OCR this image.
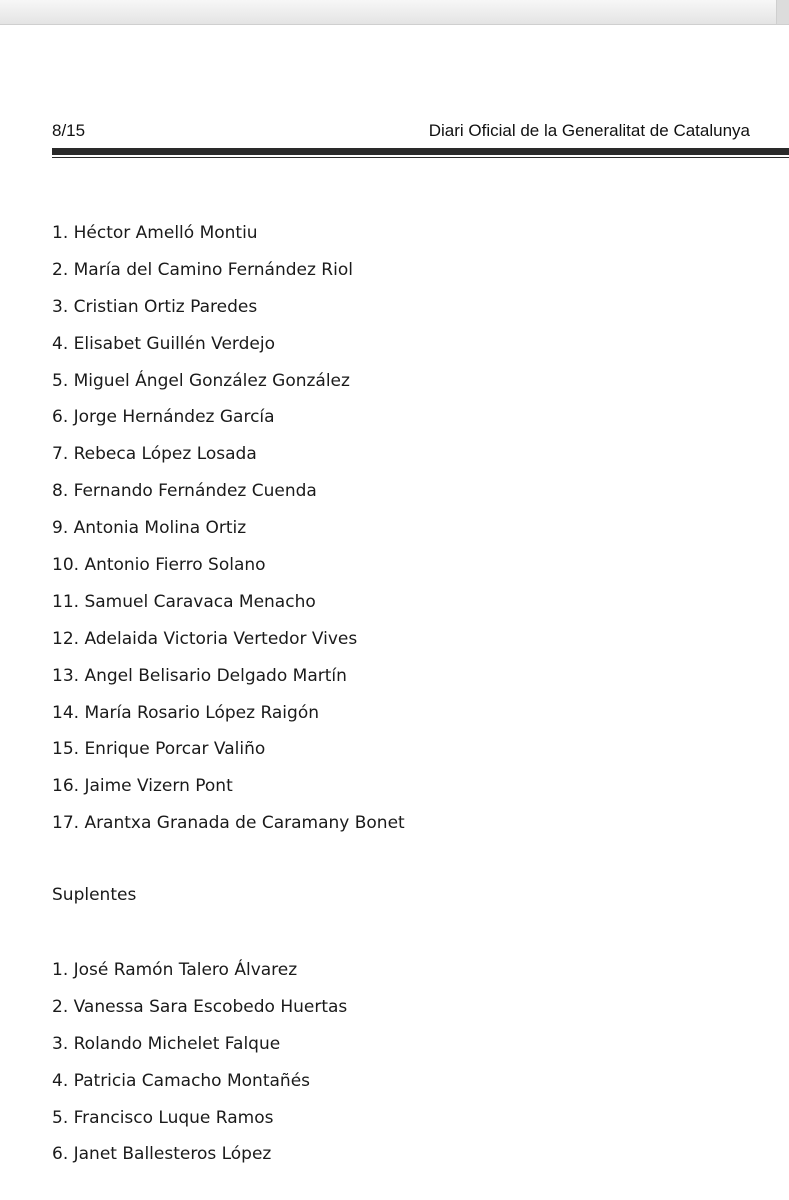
8/15	Diari Oficial de la Generalitat de Catalunya
1. Héctor Amelló Montiu
2. María del Camino Fernández Riol
3. Cristian Ortiz Paredes
4. Elisabet Guillén Verdejo
5. Miguel Ángel González González
6. Jorge Hernández García
7. Rebeca López Losada
8. Fernando Fernández Cuenda
9. Antonia Molina Ortiz
10. Antonio Fierro Solano
11. Samuel Caravaca Menacho
12. Adelaida Victoria Vertedor Vives
13. Angel Belisario Delgado Martín
14. María Rosario López Raigón
15. Enrique Porcar Valiño
16. Jaime Vizern Pont
17. Arantxa Granada de Caramany Bonet
Suplentes
1. José Ramón Talero Álvarez
2. Vanessa Sara Escobedo Huertas
3. Rolando Michelet Falque
4. Patricia Camacho Montañés
5. Francisco Luque Ramos
6. Janet Ballesteros López
